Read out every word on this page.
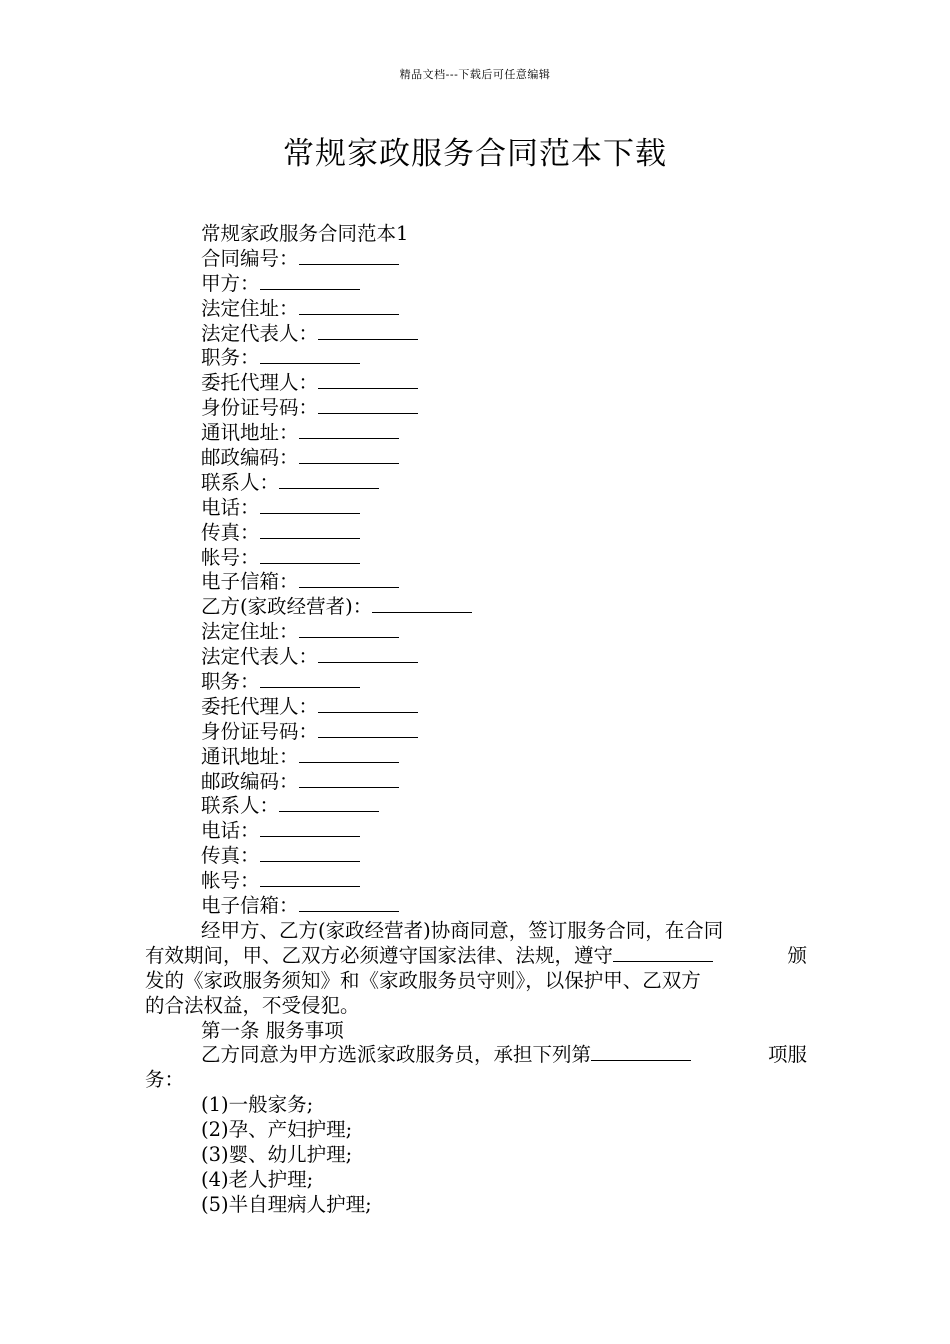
精品文档---下载后可任意编辑
常规家政服务合同范本下载
常规家政服务合同范本1
合同编号：
甲方：
法定住址：
法定代表人：
职务：
委托代理人：
身份证号码：
通讯地址：
邮政编码：
联系人：
电话：
传真：
帐号：
电子信箱：
乙方(家政经营者)：
法定住址：
法定代表人：
职务：
委托代理人：
身份证号码：
通讯地址：
邮政编码：
联系人：
电话：
传真：
帐号：
电子信箱：
经甲方、乙方(家政经营者)协商同意，签订服务合同，在合同
有效期间，甲、乙双方必须遵守国家法律、法规，遵守	颁
发的《家政服务须知》和《家政服务员守则》，以保护甲、乙双方
的合法权益，不受侵犯。
第一条 服务事项
乙方同意为甲方选派家政服务员，承担下列第	项服
务：
(1)一般家务;
(2)孕、产妇护理;
(3)婴、幼儿护理;
(4)老人护理;
(5)半自理病人护理;
